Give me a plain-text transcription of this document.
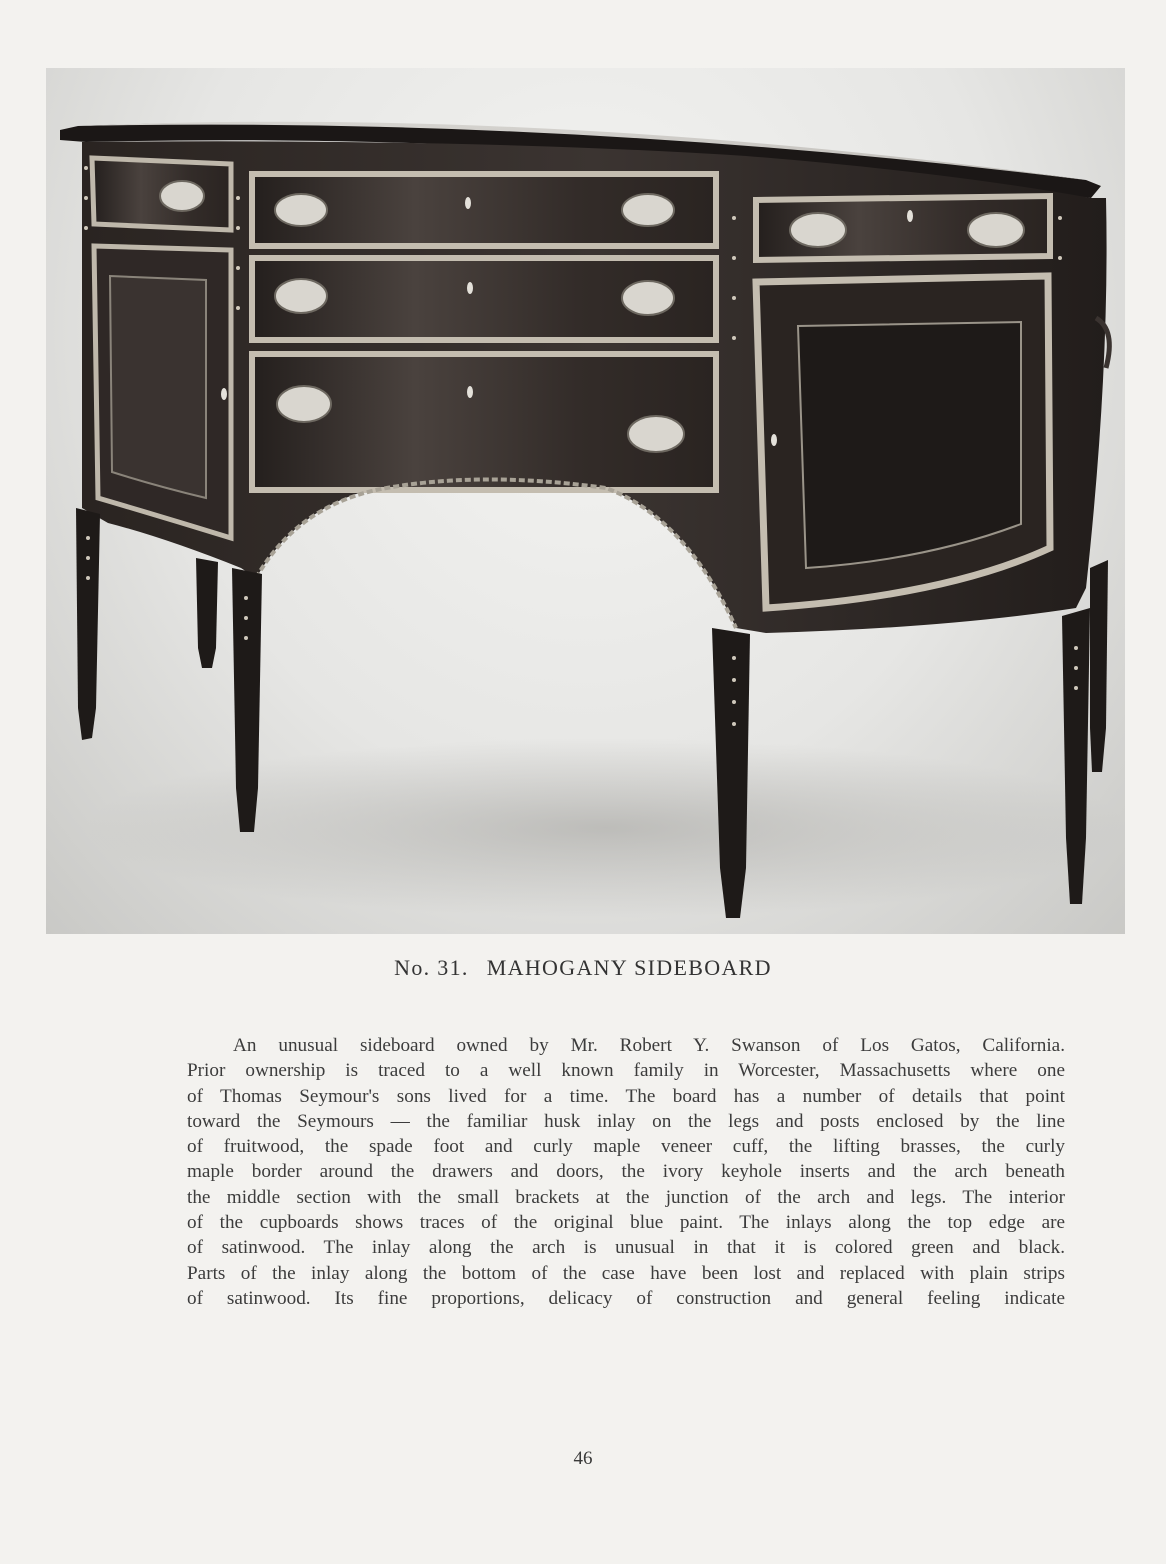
No. 31. MAHOGANY SIDEBOARD
An unusual sideboard owned by Mr. Robert Y. Swanson of Los Gatos, California.
Prior ownership is traced to a well known family in Worcester, Massachusetts where one
of Thomas Seymour's sons lived for a time. The board has a number of details that point
toward the Seymours — the familiar husk inlay on the legs and posts enclosed by the line
of fruitwood, the spade foot and curly maple veneer cuff, the lifting brasses, the curly
maple border around the drawers and doors, the ivory keyhole inserts and the arch beneath
the middle section with the small brackets at the junction of the arch and legs. The interior
of the cupboards shows traces of the original blue paint. The inlays along the top edge are
of satinwood. The inlay along the arch is unusual in that it is colored green and black.
Parts of the inlay along the bottom of the case have been lost and replaced with plain strips
of satinwood. Its fine proportions, delicacy of construction and general feeling indicate
46
